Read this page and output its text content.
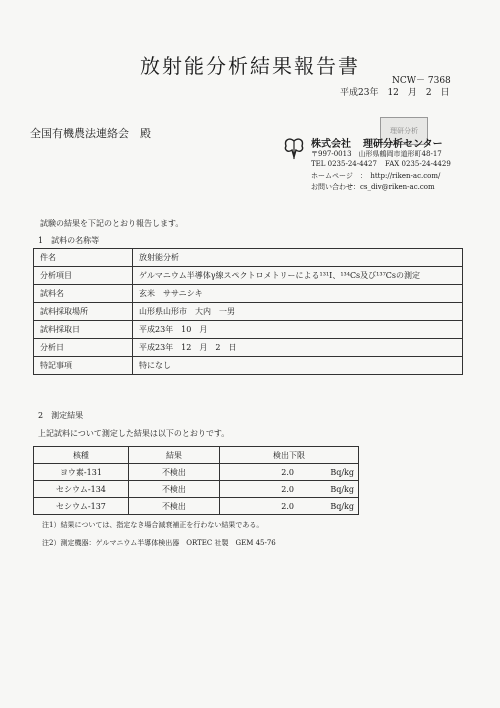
放射能分析結果報告書
NCW－ 7368
平成23年　12　月　2　日
全国有機農法連絡会　殿	理研分析
株式会社 理研分析センター
〒997-0013　山形県鶴岡市道形町48-17
TEL 0235-24-4427 FAX 0235-24-4429
ホームページ　：　http://riken-ac.com/
お問い合わせ：cs_div@riken-ac.com
試験の結果を下記のとおり報告します。
1　試料の名称等
件名	放射能分析
分析項目	ゲルマニウム半導体γ線スペクトロメトリーによる¹³¹I、¹³⁴Cs及び¹³⁷Csの測定
試料名	玄米　ササニシキ
試料採取場所	山形県山形市　大内　一男
試料採取日	平成23年　10　月
分析日	平成23年　12　月　2　日
特記事項	特になし
2　測定結果
上記試料について測定した結果は以下のとおりです。
核種	結果	検出下限
ヨウ素-131	不検出	2.0 Bq/kg
セシウム-134	不検出	2.0 Bq/kg
セシウム-137	不検出	2.0 Bq/kg
注1）結果については、指定なき場合減衰補正を行わない結果である。
注2）測定機器：ゲルマニウム半導体検出器　ORTEC 社製　GEM 45-76
